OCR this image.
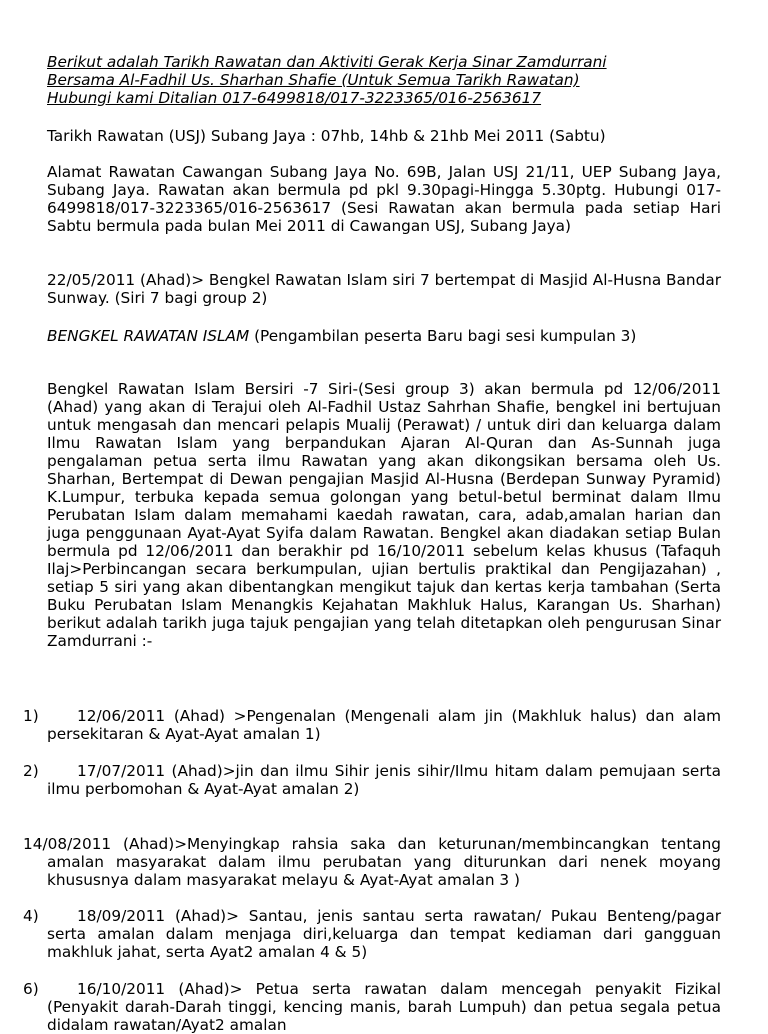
Berikut adalah Tarikh Rawatan dan Aktiviti Gerak Kerja Sinar Zamdurrani

Bersama Al-Fadhil Us. Sharhan Shafie (Untuk Semua Tarikh Rawatan)

Hubungi kami Ditalian 017-6499818/017-3223365/016-2563617

Tarikh Rawatan (USJ) Subang Jaya : 07hb, 14hb & 21hb Mei 2011 (Sabtu)

Alamat Rawatan Cawangan Subang Jaya No. 69B, Jalan USJ 21/11, UEP Subang Jaya, Subang Jaya. Rawatan akan bermula pd pkl 9.30pagi-Hingga 5.30ptg. Hubungi 017-6499818/017-3223365/016-2563617 (Sesi Rawatan akan bermula pada setiap Hari Sabtu bermula pada bulan Mei 2011 di Cawangan USJ, Subang Jaya)

22/05/2011 (Ahad)> Bengkel Rawatan Islam siri 7 bertempat di Masjid Al-Husna Bandar Sunway. (Siri 7 bagi group 2)

BENGKEL RAWATAN ISLAM (Pengambilan peserta Baru bagi sesi kumpulan 3)

Bengkel Rawatan Islam Bersiri -7 Siri-(Sesi group 3) akan bermula pd 12/06/2011 (Ahad) yang akan di Terajui oleh Al-Fadhil Ustaz Sahrhan Shafie, bengkel ini bertujuan untuk mengasah dan mencari pelapis Mualij (Perawat) / untuk diri dan keluarga dalam Ilmu Rawatan Islam yang berpandukan Ajaran Al-Quran dan As-Sunnah juga pengalaman petua serta ilmu Rawatan yang akan dikongsikan bersama oleh Us. Sharhan, Bertempat di Dewan pengajian Masjid Al-Husna (Berdepan Sunway Pyramid) K.Lumpur, terbuka kepada semua golongan yang betul-betul berminat dalam Ilmu Perubatan Islam dalam memahami kaedah rawatan, cara, adab,amalan harian dan juga penggunaan Ayat-Ayat Syifa dalam Rawatan. Bengkel akan diadakan setiap Bulan bermula pd 12/06/2011 dan berakhir pd 16/10/2011 sebelum kelas khusus (Tafaquh Ilaj>Perbincangan secara berkumpulan, ujian bertulis praktikal dan Pengijazahan) , setiap 5 siri yang akan dibentangkan mengikut tajuk dan kertas kerja tambahan (Serta Buku Perubatan Islam Menangkis Kejahatan Makhluk Halus, Karangan Us. Sharhan) berikut adalah tarikh juga tajuk pengajian yang telah ditetapkan oleh pengurusan Sinar Zamdurrani :-

1)	12/06/2011 (Ahad) >Pengenalan (Mengenali alam jin (Makhluk halus) dan alam persekitaran & Ayat-Ayat amalan 1)

2)	17/07/2011 (Ahad)>jin dan ilmu Sihir jenis sihir/Ilmu hitam dalam pemujaan serta ilmu perbomohan & Ayat-Ayat amalan 2)

14/08/2011 (Ahad)>Menyingkap rahsia saka dan keturunan/membincangkan tentang amalan masyarakat dalam ilmu perubatan yang diturunkan dari nenek moyang khususnya dalam masyarakat melayu & Ayat-Ayat amalan 3 )

4)	18/09/2011 (Ahad)> Santau, jenis santau serta rawatan/ Pukau Benteng/pagar serta amalan dalam menjaga diri,keluarga dan tempat kediaman dari gangguan makhluk jahat, serta Ayat2 amalan 4 & 5)

6)	16/10/2011 (Ahad)> Petua serta rawatan dalam mencegah penyakit Fizikal (Penyakit darah-Darah tinggi, kencing manis, barah Lumpuh) dan petua segala petua didalam rawatan/Ayat2 amalan
